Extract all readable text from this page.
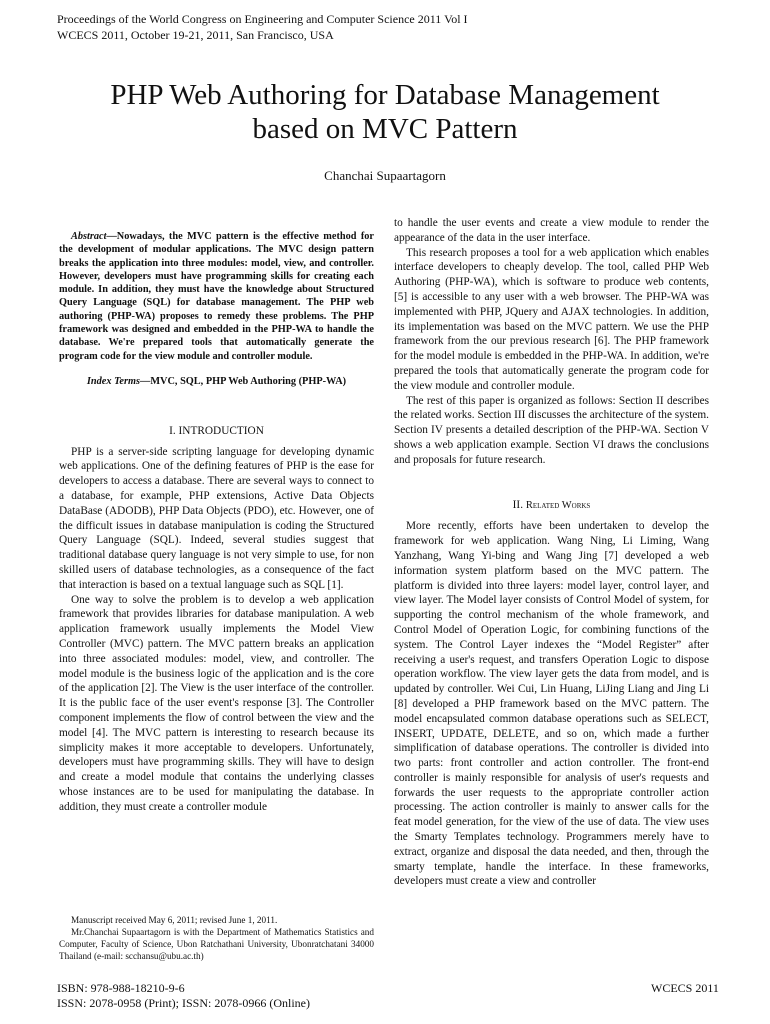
Proceedings of the World Congress on Engineering and Computer Science 2011 Vol I
WCECS 2011, October 19-21, 2011, San Francisco, USA
PHP Web Authoring for Database Management
based on MVC Pattern
Chanchai Supaartagorn

Abstract—Nowadays, the MVC pattern is the effective method for the development of modular applications. The MVC design pattern breaks the application into three modules: model, view, and controller. However, developers must have programming skills for creating each module. In addition, they must have the knowledge about Structured Query Language (SQL) for database management. The PHP web authoring (PHP-WA) proposes to remedy these problems. The PHP framework was designed and embedded in the PHP-WA to handle the database. We're prepared tools that automatically generate the program code for the view module and controller module.

Index Terms—MVC, SQL, PHP Web Authoring (PHP-WA)

I. INTRODUCTION

PHP is a server-side scripting language for developing dynamic web applications. One of the defining features of PHP is the ease for developers to access a database. There are several ways to connect to a database, for example, PHP extensions, Active Data Objects DataBase (ADODB), PHP Data Objects (PDO), etc. However, one of the difficult issues in database manipulation is coding the Structured Query Language (SQL). Indeed, several studies suggest that traditional database query language is not very simple to use, for non skilled users of database technologies, as a consequence of the fact that interaction is based on a textual language such as SQL [1].

One way to solve the problem is to develop a web application framework that provides libraries for database manipulation. A web application framework usually implements the Model View Controller (MVC) pattern. The MVC pattern breaks an application into three associated modules: model, view, and controller. The model module is the business logic of the application and is the core of the application [2]. The View is the user interface of the controller. It is the public face of the user event's response [3]. The Controller component implements the flow of control between the view and the model [4]. The MVC pattern is interesting to research because its simplicity makes it more acceptable to developers. Unfortunately, developers must have programming skills. They will have to design and create a model module that contains the underlying classes whose instances are to be used for manipulating the database. In addition, they must create a controller module

to handle the user events and create a view module to render the appearance of the data in the user interface.

This research proposes a tool for a web application which enables interface developers to cheaply develop. The tool, called PHP Web Authoring (PHP-WA), which is software to produce web contents, [5] is accessible to any user with a web browser. The PHP-WA was implemented with PHP, JQuery and AJAX technologies. In addition, its implementation was based on the MVC pattern. We use the PHP framework from the our previous research [6]. The PHP framework for the model module is embedded in the PHP-WA. In addition, we're prepared the tools that automatically generate the program code for the view module and controller module.

The rest of this paper is organized as follows: Section II describes the related works. Section III discusses the architecture of the system. Section IV presents a detailed description of the PHP-WA. Section V shows a web application example. Section VI draws the conclusions and proposals for future research.

II. Related Works

More recently, efforts have been undertaken to develop the framework for web application. Wang Ning, Li Liming, Wang Yanzhang, Wang Yi-bing and Wang Jing [7] developed a web information system platform based on the MVC pattern. The platform is divided into three layers: model layer, control layer, and view layer. The Model layer consists of Control Model of system, for supporting the control mechanism of the whole framework, and Control Model of Operation Logic, for combining functions of the system. The Control Layer indexes the “Model Register” after receiving a user's request, and transfers Operation Logic to dispose operation workflow. The view layer gets the data from model, and is updated by controller. Wei Cui, Lin Huang, LiJing Liang and Jing Li [8] developed a PHP framework based on the MVC pattern. The model encapsulated common database operations such as SELECT, INSERT, UPDATE, DELETE, and so on, which made a further simplification of database operations. The controller is divided into two parts: front controller and action controller. The front-end controller is mainly responsible for analysis of user's requests and forwards the user requests to the appropriate controller action processing. The action controller is mainly to answer calls for the feat model generation, for the view of the use of data. The view uses the Smarty Templates technology. Programmers merely have to extract, organize and disposal the data needed, and then, through the smarty template, handle the interface. In these frameworks, developers must create a view and controller

Manuscript received May 6, 2011; revised June 1, 2011.

Mr.Chanchai Supaartagorn is with the Department of Mathematics Statistics and Computer, Faculty of Science, Ubon Ratchathani University, Ubonratchatani 34000 Thailand (e-mail: scchansu@ubu.ac.th)

ISBN: 978-988-18210-9-6
ISSN: 2078-0958 (Print); ISSN: 2078-0966 (Online)
WCECS 2011
